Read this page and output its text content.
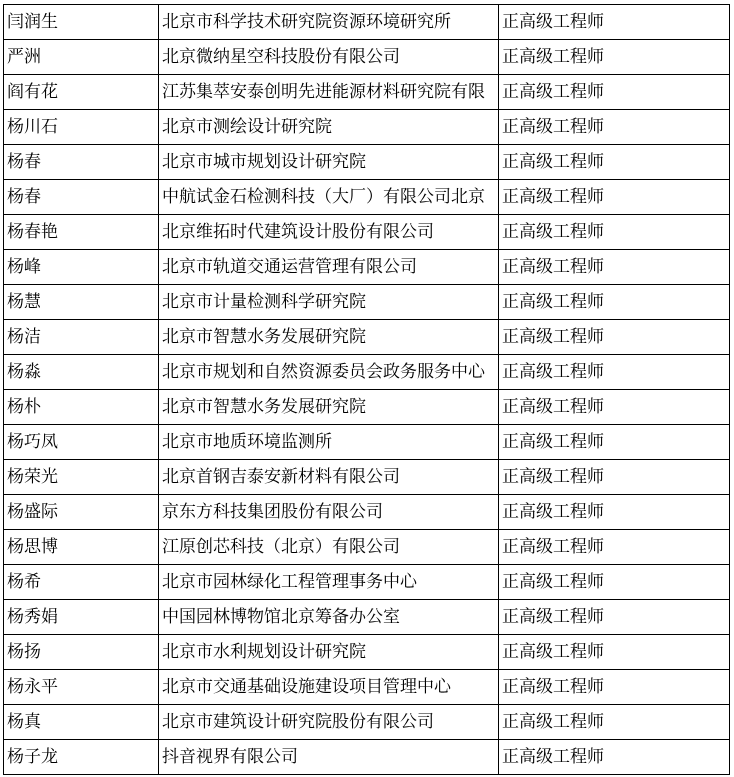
闫润生	北京市科学技术研究院资源环境研究所	正高级工程师
严洲	北京微纳星空科技股份有限公司	正高级工程师
阎有花	江苏集萃安泰创明先进能源材料研究院有限	正高级工程师
杨川石	北京市测绘设计研究院	正高级工程师
杨春	北京市城市规划设计研究院	正高级工程师
杨春	中航试金石检测科技（大厂）有限公司北京	正高级工程师
杨春艳	北京维拓时代建筑设计股份有限公司	正高级工程师
杨峰	北京市轨道交通运营管理有限公司	正高级工程师
杨慧	北京市计量检测科学研究院	正高级工程师
杨洁	北京市智慧水务发展研究院	正高级工程师
杨淼	北京市规划和自然资源委员会政务服务中心	正高级工程师
杨朴	北京市智慧水务发展研究院	正高级工程师
杨巧凤	北京市地质环境监测所	正高级工程师
杨荣光	北京首钢吉泰安新材料有限公司	正高级工程师
杨盛际	京东方科技集团股份有限公司	正高级工程师
杨思博	江原创芯科技（北京）有限公司	正高级工程师
杨希	北京市园林绿化工程管理事务中心	正高级工程师
杨秀娟	中国园林博物馆北京筹备办公室	正高级工程师
杨扬	北京市水利规划设计研究院	正高级工程师
杨永平	北京市交通基础设施建设项目管理中心	正高级工程师
杨真	北京市建筑设计研究院股份有限公司	正高级工程师
杨子龙	抖音视界有限公司	正高级工程师
